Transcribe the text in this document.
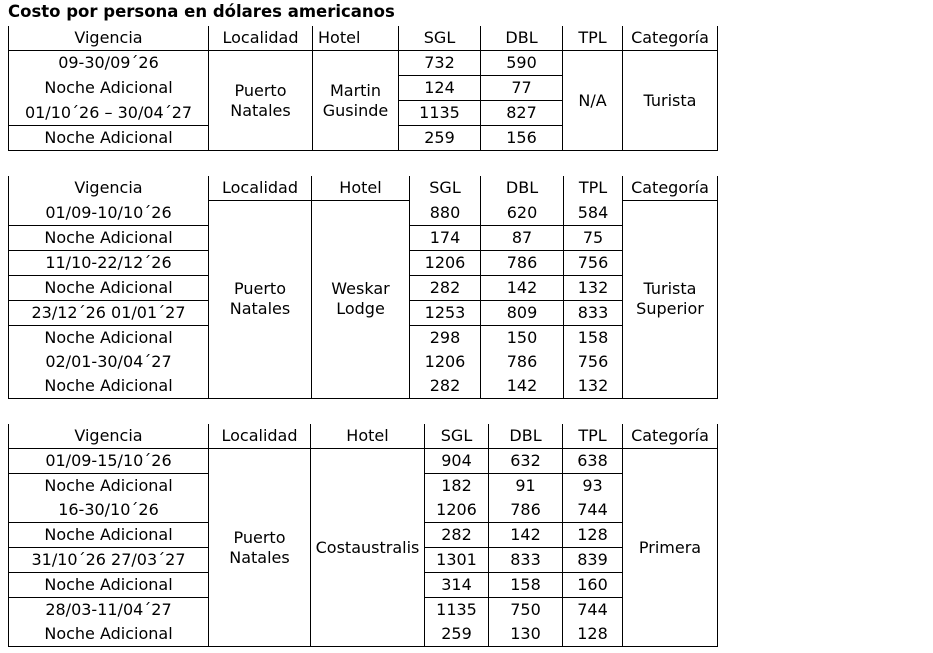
Costo por persona en dólares americanos
Vigencia	Localidad	Hotel	SGL	DBL	TPL	Categoría
09-30/09´26	Puerto Natales	Martin Gusinde	732	590	N/A	Turista
Noche Adicional			124	77		
01/10´26 – 30/04´27			1135	827		
Noche Adicional			259	156		
Vigencia	Localidad	Hotel	SGL	DBL	TPL	Categoría
01/09-10/10´26	Puerto Natales	Weskar Lodge	880	620	584	Turista Superior
Noche Adicional			174	87	75	
11/10-22/12´26			1206	786	756	
Noche Adicional			282	142	132	
23/12´26 01/01´27			1253	809	833	
Noche Adicional			298	150	158	
02/01-30/04´27			1206	786	756	
Noche Adicional			282	142	132	
Vigencia	Localidad	Hotel	SGL	DBL	TPL	Categoría
01/09-15/10´26	Puerto Natales	Costaustralis	904	632	638	Primera
Noche Adicional			182	91	93	
16-30/10´26			1206	786	744	
Noche Adicional			282	142	128	
31/10´26 27/03´27			1301	833	839	
Noche Adicional			314	158	160	
28/03-11/04´27			1135	750	744	
Noche Adicional			259	130	128	
